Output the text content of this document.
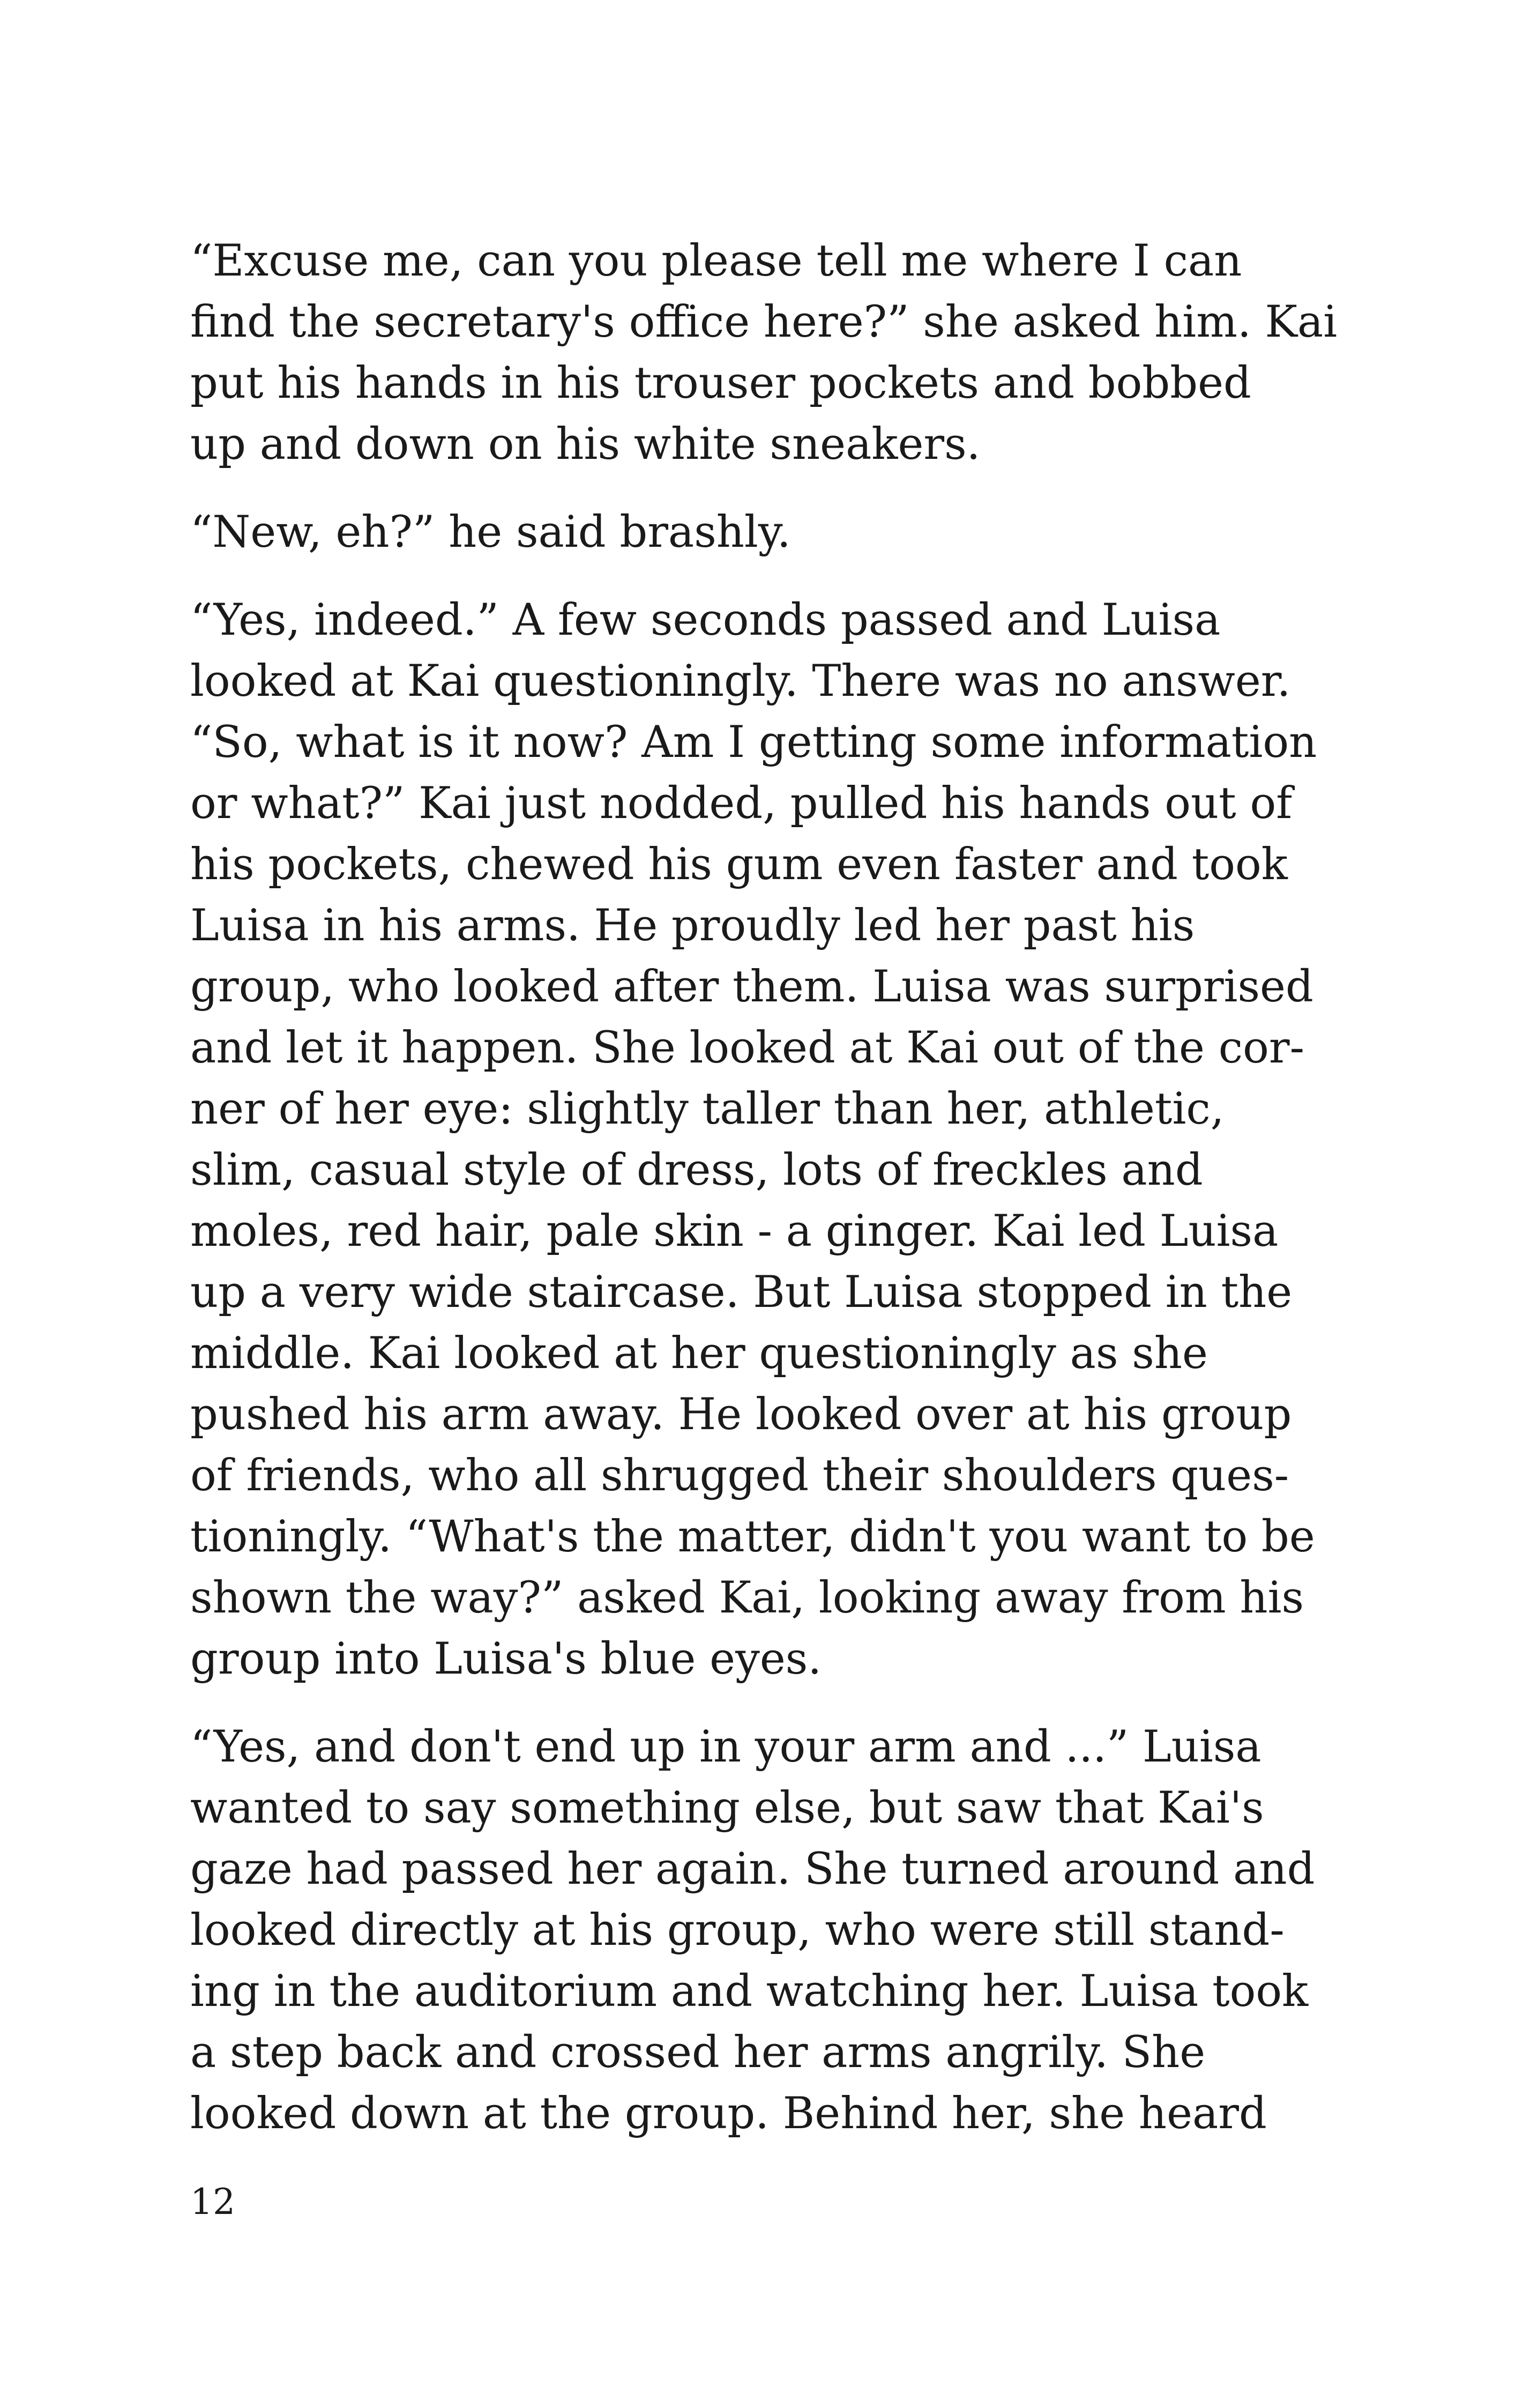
“Excuse me, can you please tell me where I can
find the secretary's office here?” she asked him. Kai
put his hands in his trouser pockets and bobbed
up and down on his white sneakers.

“New, eh?” he said brashly.

“Yes, indeed.” A few seconds passed and Luisa
looked at Kai questioningly. There was no answer.
“So, what is it now? Am I getting some information
or what?” Kai just nodded, pulled his hands out of
his pockets, chewed his gum even faster and took
Luisa in his arms. He proudly led her past his
group, who looked after them. Luisa was surprised
and let it happen. She looked at Kai out of the cor-
ner of her eye: slightly taller than her, athletic,
slim, casual style of dress, lots of freckles and
moles, red hair, pale skin - a ginger. Kai led Luisa
up a very wide staircase. But Luisa stopped in the
middle. Kai looked at her questioningly as she
pushed his arm away. He looked over at his group
of friends, who all shrugged their shoulders ques-
tioningly. “What's the matter, didn't you want to be
shown the way?” asked Kai, looking away from his
group into Luisa's blue eyes.

“Yes, and don't end up in your arm and ...” Luisa
wanted to say something else, but saw that Kai's
gaze had passed her again. She turned around and
looked directly at his group, who were still stand-
ing in the auditorium and watching her. Luisa took
a step back and crossed her arms angrily. She
looked down at the group. Behind her, she heard

12
